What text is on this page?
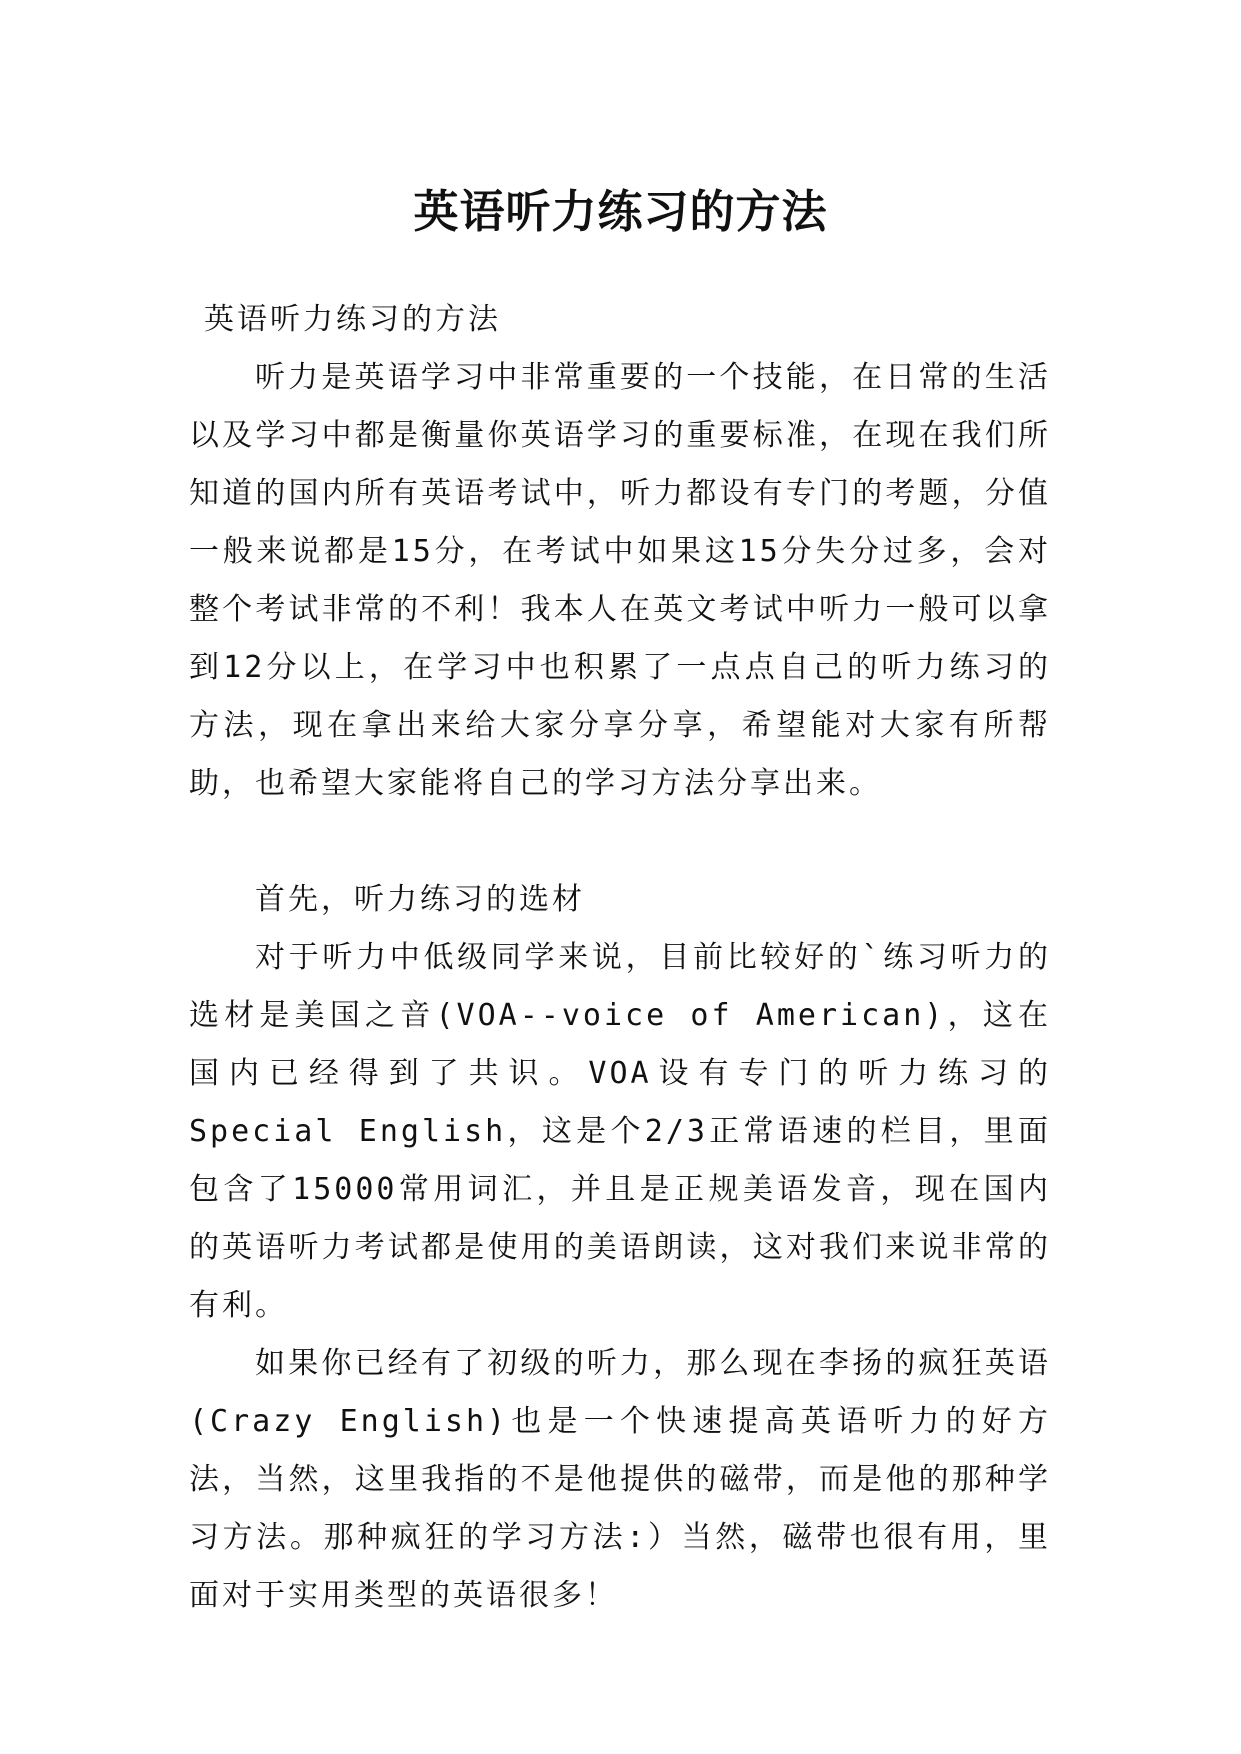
英语听力练习的方法

英语听力练习的方法

听力是英语学习中非常重要的一个技能，在日常的生活以及学习中都是衡量你英语学习的重要标准，在现在我们所知道的国内所有英语考试中，听力都设有专门的考题，分值一般来说都是15分，在考试中如果这15分失分过多，会对整个考试非常的不利！我本人在英文考试中听力一般可以拿到12分以上，在学习中也积累了一点点自己的听力练习的方法，现在拿出来给大家分享分享，希望能对大家有所帮助，也希望大家能将自己的学习方法分享出来。

首先，听力练习的选材

对于听力中低级同学来说，目前比较好的`练习听力的选材是美国之音(VOA--voice of American)，这在国内已经得到了共识。VOA设有专门的听力练习的Special English，这是个2/3正常语速的栏目，里面包含了15000常用词汇，并且是正规美语发音，现在国内的英语听力考试都是使用的美语朗读，这对我们来说非常的有利。

如果你已经有了初级的听力，那么现在李扬的疯狂英语(Crazy English)也是一个快速提高英语听力的好方法，当然，这里我指的不是他提供的磁带，而是他的那种学习方法。那种疯狂的学习方法:）当然，磁带也很有用，里面对于实用类型的英语很多！
